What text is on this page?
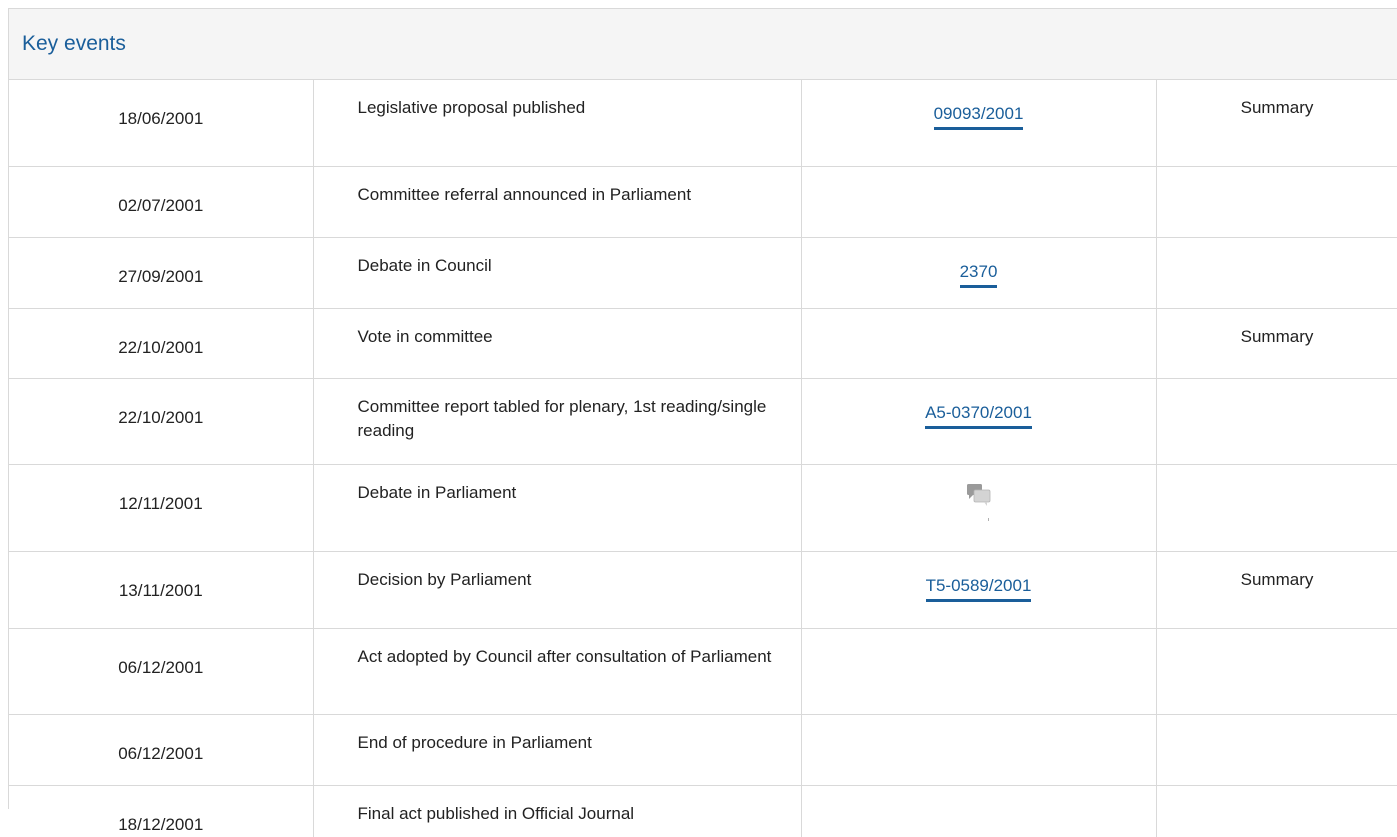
Key events
18/06/2001	Legislative proposal published	09093/2001	Summary
02/07/2001	Committee referral announced in Parliament		
27/09/2001	Debate in Council	2370	
22/10/2001	Vote in committee		Summary
22/10/2001	Committee report tabled for plenary, 1st reading/single reading	A5-0370/2001	
12/11/2001	Debate in Parliament	

13/11/2001	Decision by Parliament	T5-0589/2001	Summary
06/12/2001	Act adopted by Council after consultation of Parliament		
06/12/2001	End of procedure in Parliament		
18/12/2001	Final act published in Official Journal		
